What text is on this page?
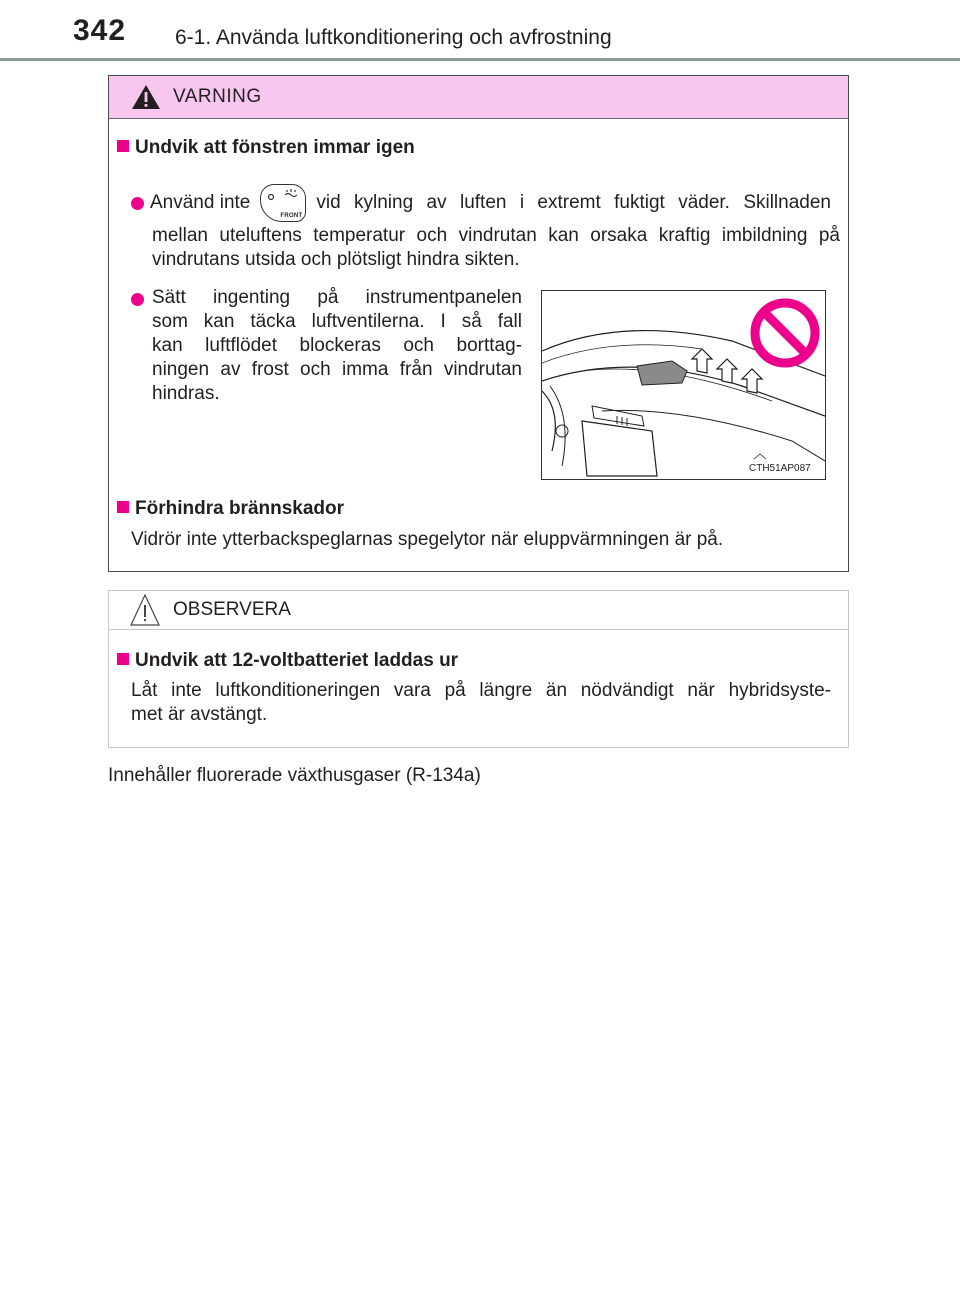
342 6-1. Använda luftkonditionering och avfrostning
VARNING
Undvik att fönstren immar igen
Använd inte
FRONT
vid kylning av luften i extremt fuktigt väder. Skillnaden
mellan uteluftens temperatur och vindrutan kan orsaka kraftig imbildning på vindrutans utsida och plötsligt hindra sikten.
Sätt ingenting på instrumentpanelen
som kan täcka luftventilerna. I så fall
kan luftflödet blockeras och borttag-
ningen av frost och imma från vindrutan
hindras.
Förhindra brännskador
Vidrör inte ytterbackspeglarnas spegelytor när eluppvärmningen är på.
CTH51AP087
OBSERVERA
Undvik att 12-voltbatteriet laddas ur
Låt inte luftkonditioneringen vara på längre än nödvändigt när hybridsyste-
met är avstängt.
Innehåller fluorerade växthusgaser (R-134a)
